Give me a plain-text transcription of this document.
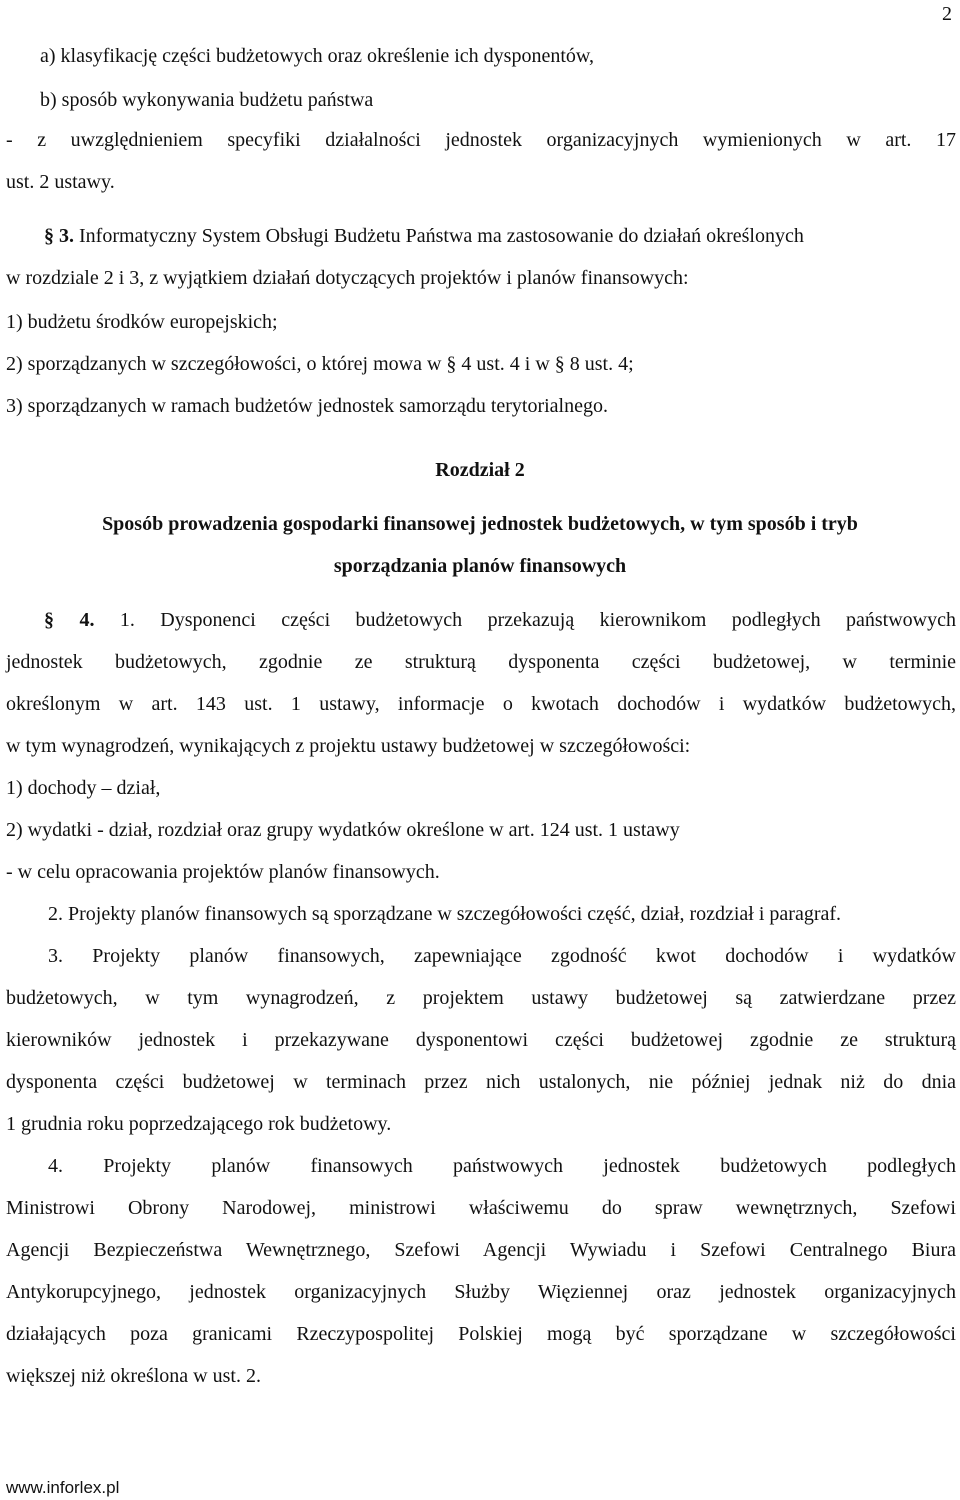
2
a) klasyfikację części budżetowych oraz określenie ich dysponentów,
b) sposób wykonywania budżetu państwa
- z uwzględnieniem specyfiki działalności jednostek organizacyjnych wymienionych w art. 17
ust. 2 ustawy.
§ 3. Informatyczny System Obsługi Budżetu Państwa ma zastosowanie do działań określonych
w rozdziale 2 i 3, z wyjątkiem działań dotyczących projektów i planów finansowych:
1) budżetu środków europejskich;
2) sporządzanych w szczegółowości, o której mowa w § 4 ust. 4 i w § 8 ust. 4;
3) sporządzanych w ramach budżetów jednostek samorządu terytorialnego.
Rozdział 2
Sposób prowadzenia gospodarki finansowej jednostek budżetowych, w tym sposób i tryb
sporządzania planów finansowych
§ 4. 1. Dysponenci części budżetowych przekazują kierownikom podległych państwowych
jednostek budżetowych, zgodnie ze strukturą dysponenta części budżetowej, w terminie
określonym w art. 143 ust. 1 ustawy, informacje o kwotach dochodów i wydatków budżetowych,
w tym wynagrodzeń, wynikających z projektu ustawy budżetowej w szczegółowości:
1) dochody – dział,
2) wydatki - dział, rozdział oraz grupy wydatków określone w art. 124 ust. 1 ustawy
- w celu opracowania projektów planów finansowych.
2. Projekty planów finansowych są sporządzane w szczegółowości część, dział, rozdział i paragraf.
3. Projekty planów finansowych, zapewniające zgodność kwot dochodów i wydatków
budżetowych, w tym wynagrodzeń, z projektem ustawy budżetowej są zatwierdzane przez
kierowników jednostek i przekazywane dysponentowi części budżetowej zgodnie ze strukturą
dysponenta części budżetowej w terminach przez nich ustalonych, nie później jednak niż do dnia
1 grudnia roku poprzedzającego rok budżetowy.
4. Projekty planów finansowych państwowych jednostek budżetowych podległych
Ministrowi Obrony Narodowej, ministrowi właściwemu do spraw wewnętrznych, Szefowi
Agencji Bezpieczeństwa Wewnętrznego, Szefowi Agencji Wywiadu i Szefowi Centralnego Biura
Antykorupcyjnego, jednostek organizacyjnych Służby Więziennej oraz jednostek organizacyjnych
działających poza granicami Rzeczypospolitej Polskiej mogą być sporządzane w szczegółowości
większej niż określona w ust. 2.
www.inforlex.pl
